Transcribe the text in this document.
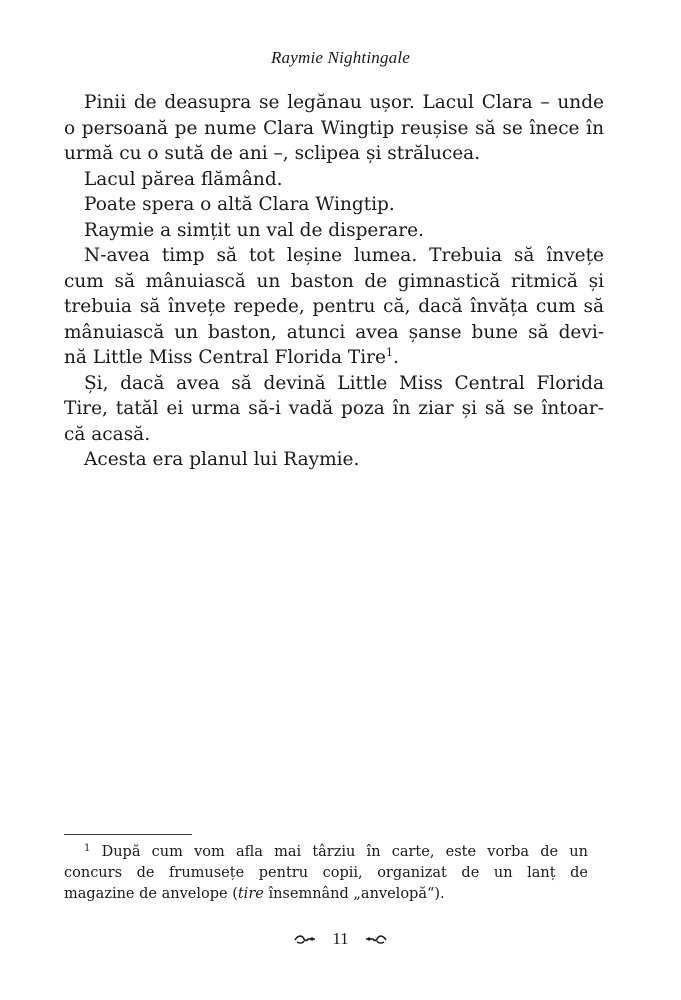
Raymie Nightingale
Pinii de deasupra se legănau ușor. Lacul Clara – unde
o persoană pe nume Clara Wingtip reușise să se înece în
urmă cu o sută de ani –, sclipea și strălucea.
Lacul părea flămând.
Poate spera o altă Clara Wingtip.
Raymie a simțit un val de disperare.
N-avea timp să tot leșine lumea. Trebuia să învețe
cum să mânuiască un baston de gimnastică ritmică și
trebuia să învețe repede, pentru că, dacă învăța cum să
mânuiască un baston, atunci avea șanse bune să devi-
nă Little Miss Central Florida Tire$^1$.
Și, dacă avea să devină Little Miss Central Florida
Tire, tatăl ei urma să-i vadă poza în ziar și să se întoar-
că acasă.
Acesta era planul lui Raymie.
$^1$ După cum vom afla mai târziu în carte, este vorba de un
concurs de frumusețe pentru copii, organizat de un lanț de
magazine de anvelope (tire însemnând „anvelopă“).
11
